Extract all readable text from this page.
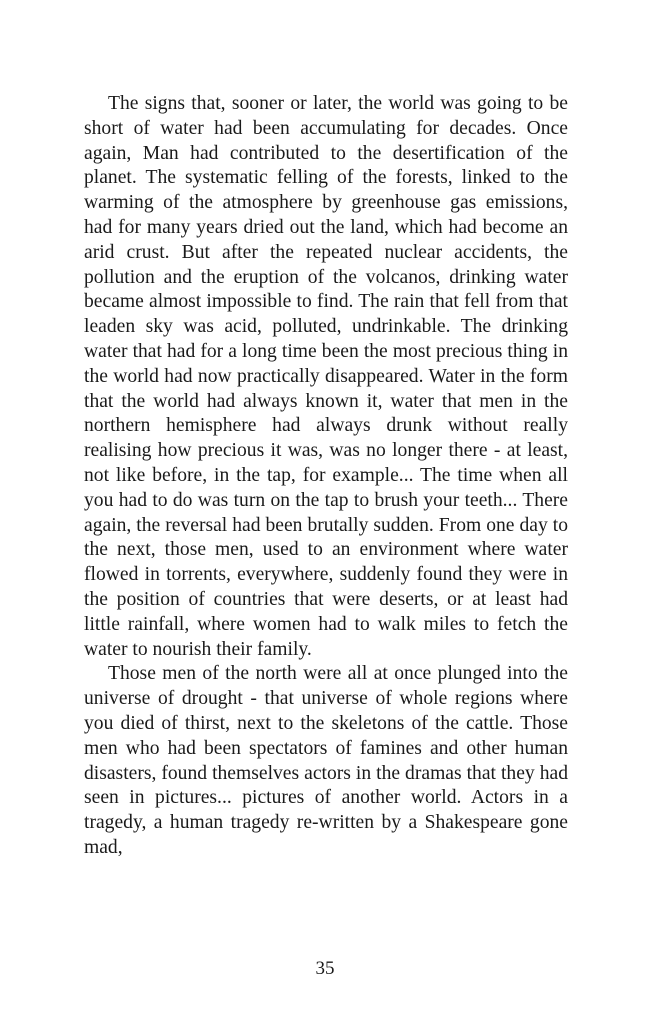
The signs that, sooner or later, the world was going to be short of water had been accumulating for decades. Once again, Man had contributed to the desertification of the planet. The systematic felling of the forests, linked to the warming of the atmosphere by greenhouse gas emissions, had for many years dried out the land, which had become an arid crust. But after the repeated nuclear accidents, the pollution and the eruption of the volcanos, drinking water became almost impossible to find. The rain that fell from that leaden sky was acid, polluted, undrinkable. The drinking water that had for a long time been the most precious thing in the world had now practically disappeared. Water in the form that the world had always known it, water that men in the northern hemisphere had always drunk without really realising how precious it was, was no longer there - at least, not like before, in the tap, for example... The time when all you had to do was turn on the tap to brush your teeth... There again, the reversal had been brutally sudden. From one day to the next, those men, used to an environment where water flowed in torrents, everywhere, suddenly found they were in the position of countries that were deserts, or at least had little rainfall, where women had to walk miles to fetch the water to nourish their family.

Those men of the north were all at once plunged into the universe of drought - that universe of whole regions where you died of thirst, next to the skeletons of the cattle. Those men who had been spectators of famines and other human disasters, found themselves actors in the dramas that they had seen in pictures... pictures of another world. Actors in a tragedy, a human tragedy re-written by a Shakespeare gone mad,

35
